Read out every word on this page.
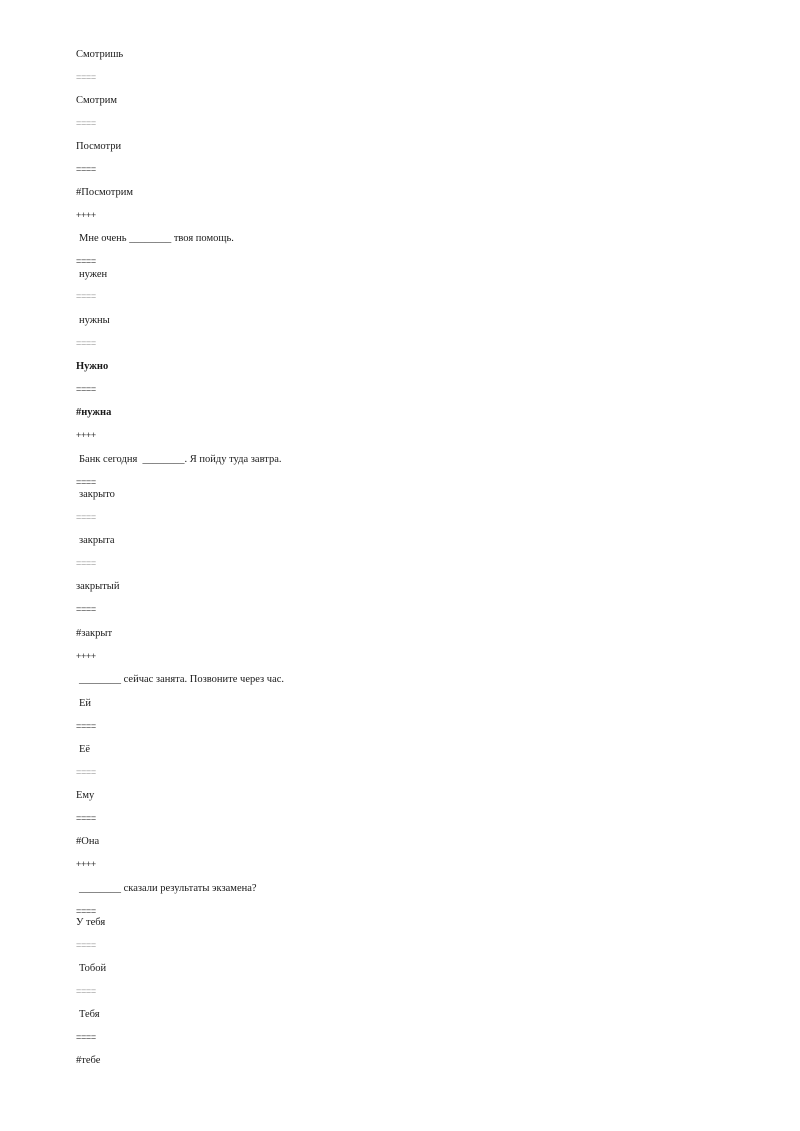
Смотришь
====
Смотрим
====
Посмотри
====
#Посмотрим
++++
Мне очень ________ твоя помощь.
====
нужен
====
нужны
====
Нужно
====
#нужна
++++
Банк сегодня  ________. Я пойду туда завтра.
====
закрыто
====
закрыта
====
закрытый
====
#закрыт
++++
________ сейчас занята. Позвоните через час.
Ей
====
Её
====
Ему
====
#Она
++++
________ сказали результаты экзамена?
====
У тебя
====
Тобой
====
Тебя
====
#тебе
